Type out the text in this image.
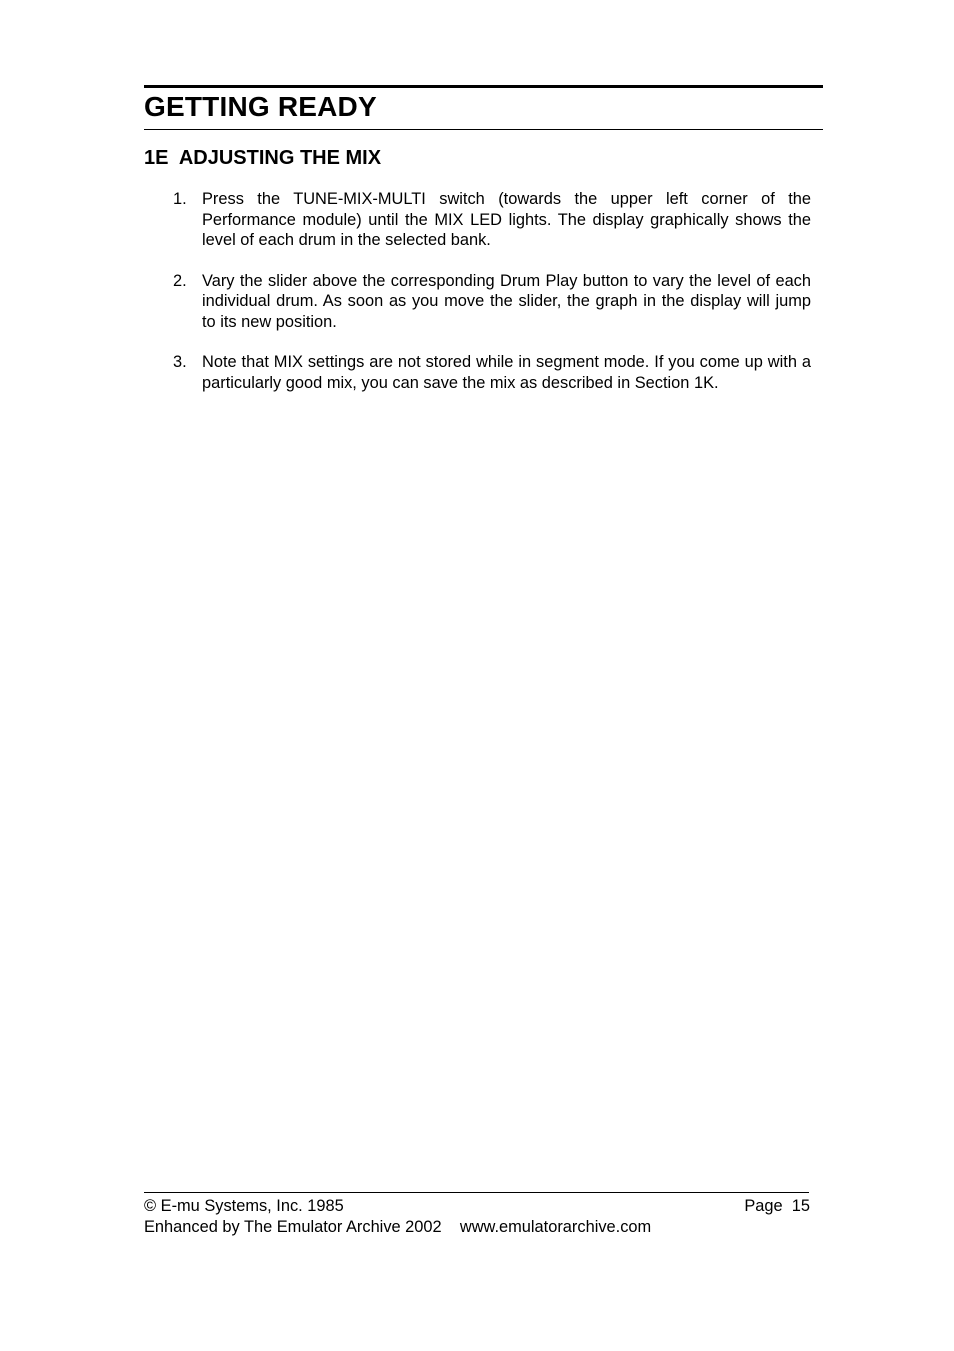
GETTING READY
1E  ADJUSTING THE MIX
1. Press the TUNE-MIX-MULTI switch (towards the upper left corner of the Performance module) until the MIX LED lights. The display graphically shows the level of each drum in the selected bank.
2. Vary the slider above the corresponding Drum Play button to vary the level of each individual drum. As soon as you move the slider, the graph in the display will jump to its new position.
3. Note that MIX settings are not stored while in segment mode. If you come up with a particularly good mix, you can save the mix as described in Section 1K.
© E-mu Systems, Inc. 1985	Page  15
Enhanced by The Emulator Archive 2002 www.emulatorarchive.com
